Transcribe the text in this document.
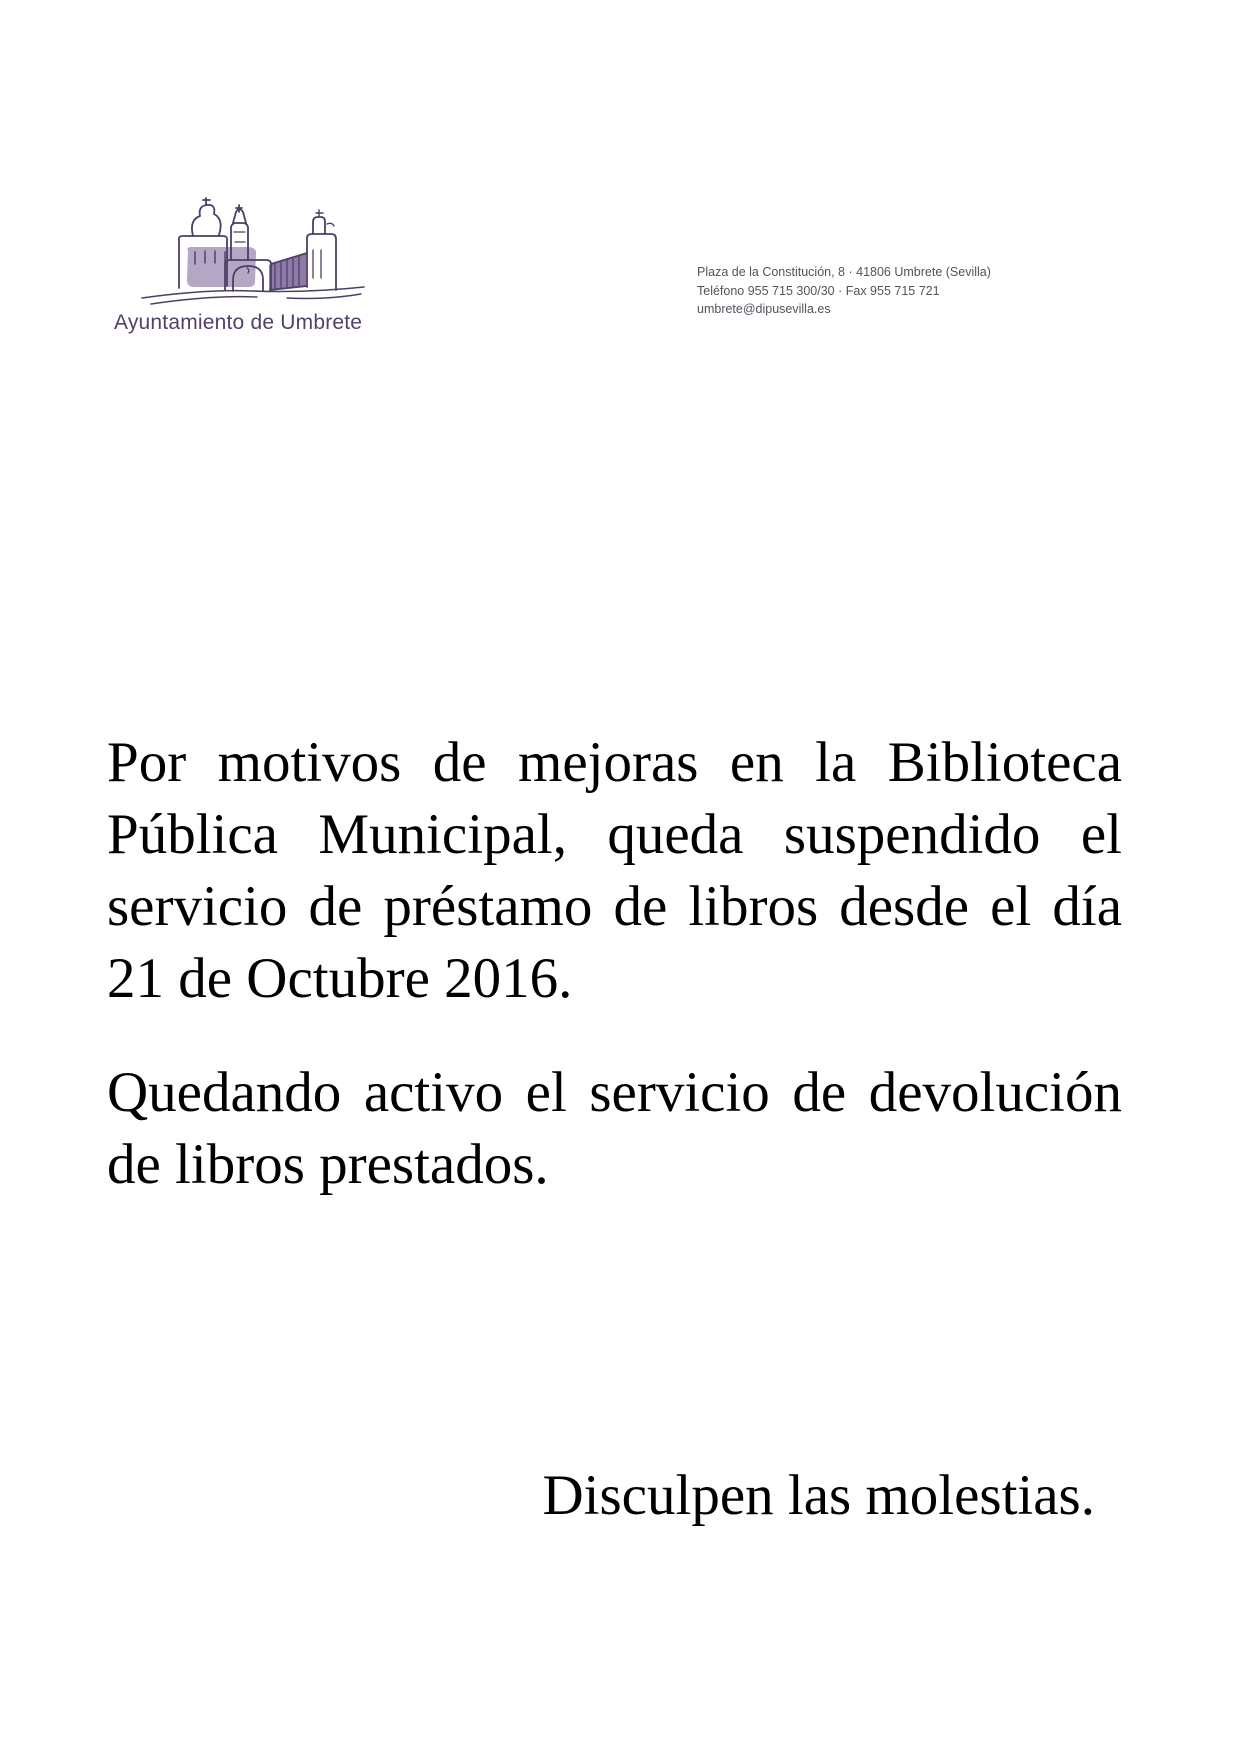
Ayuntamiento de Umbrete
Plaza de la Constitución, 8 · 41806 Umbrete (Sevilla)
Teléfono 955 715 300/30 · Fax 955 715 721
umbrete@dipusevilla.es
Por motivos de mejoras en la Biblioteca
Pública Municipal, queda suspendido el
servicio de préstamo de libros desde el día
21 de Octubre 2016.
Quedando activo el servicio de devolución
de libros prestados.
Disculpen las molestias.
